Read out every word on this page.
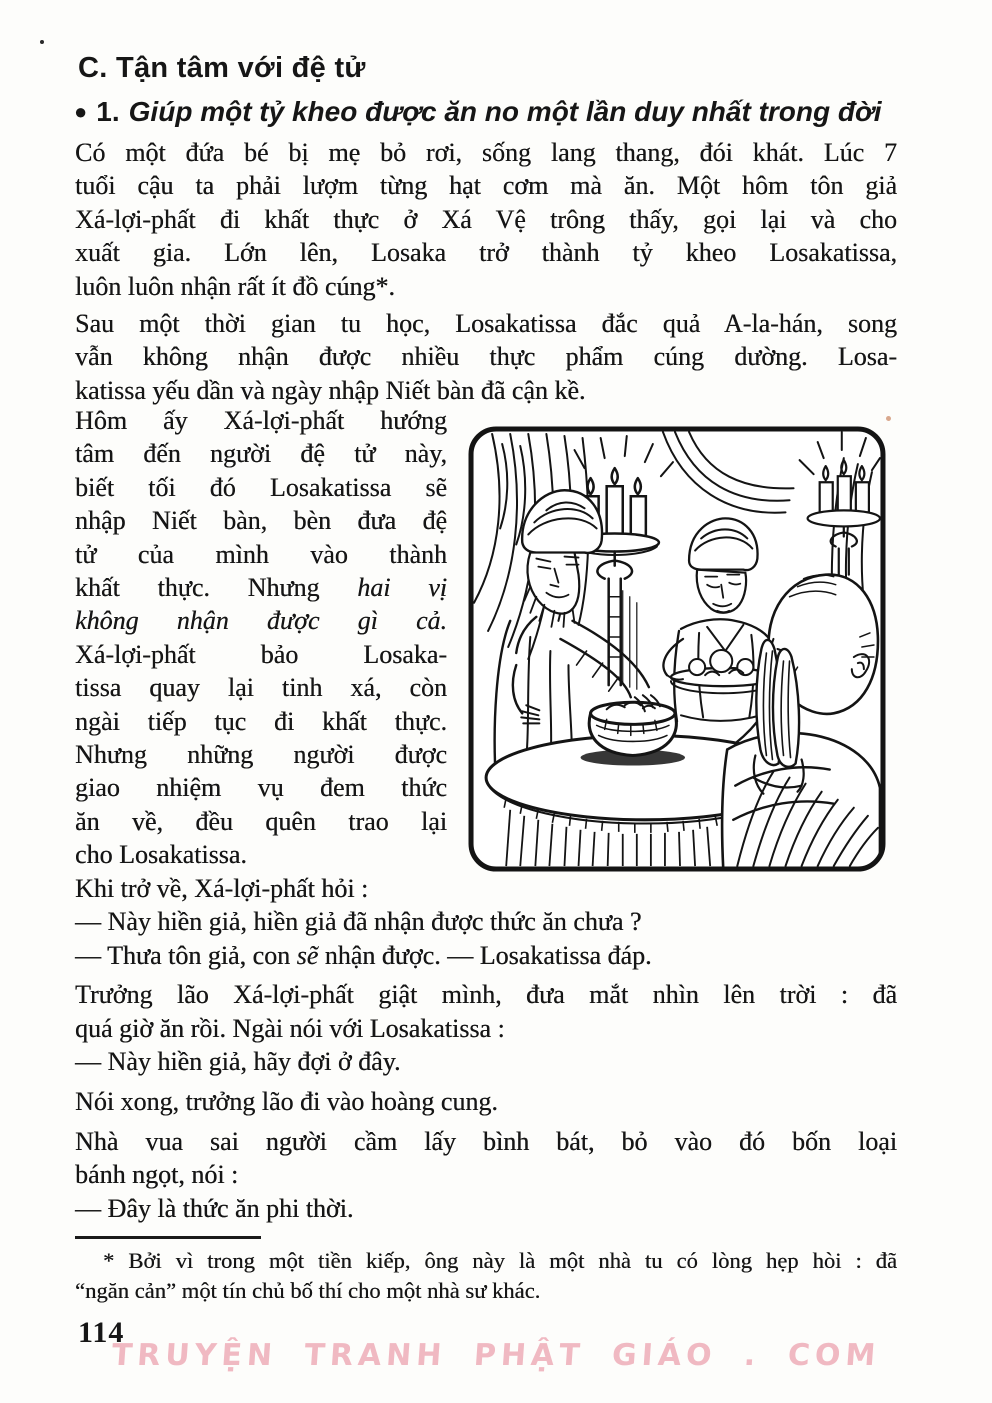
C. Tận tâm với đệ tử
● 1. Giúp một tỷ kheo được ăn no một lần duy nhất trong đời
Có một đứa bé bị mẹ bỏ rơi, sống lang thang, đói khát. Lúc 7
tuổi cậu ta phải lượm từng hạt cơm mà ăn. Một hôm tôn giả
Xá-lợi-phất đi khất thực ở Xá Vệ trông thấy, gọi lại và cho
xuất gia. Lớn lên, Losaka trở thành tỷ kheo Losakatissa,
luôn luôn nhận rất ít đồ cúng*.
Sau một thời gian tu học, Losakatissa đắc quả A-la-hán, song
vẫn không nhận được nhiều thực phẩm cúng dường. Losa-
katissa yếu dần và ngày nhập Niết bàn đã cận kề.
Hôm ấy Xá-lợi-phất hướng
tâm đến người đệ tử này,
biết tối đó Losakatissa sẽ
nhập Niết bàn, bèn đưa đệ
tử của mình vào thành
khất thực. Nhưng hai vị
không nhận được gì cả.
Xá-lợi-phất bảo Losaka-
tissa quay lại tinh xá, còn
ngài tiếp tục đi khất thực.
Nhưng những người được
giao nhiệm vụ đem thức
ăn về, đều quên trao lại
cho Losakatissa.
Khi trở về, Xá-lợi-phất hỏi :
— Này hiền giả, hiền giả đã nhận được thức ăn chưa ?
— Thưa tôn giả, con sẽ nhận được. — Losakatissa đáp.
Trưởng lão Xá-lợi-phất giật mình, đưa mắt nhìn lên trời : đã
quá giờ ăn rồi. Ngài nói với Losakatissa :
— Này hiền giả, hãy đợi ở đây.
Nói xong, trưởng lão đi vào hoàng cung.
Nhà vua sai người cầm lấy bình bát, bỏ vào đó bốn loại
bánh ngọt, nói :
— Đây là thức ăn phi thời.
* Bởi vì trong một tiền kiếp, ông này là một nhà tu có lòng hẹp hòi : đã
“ngăn cản” một tín chủ bố thí cho một nhà sư khác.
114
TRUYỆN TRANH PHẬT GIÁO . COM
